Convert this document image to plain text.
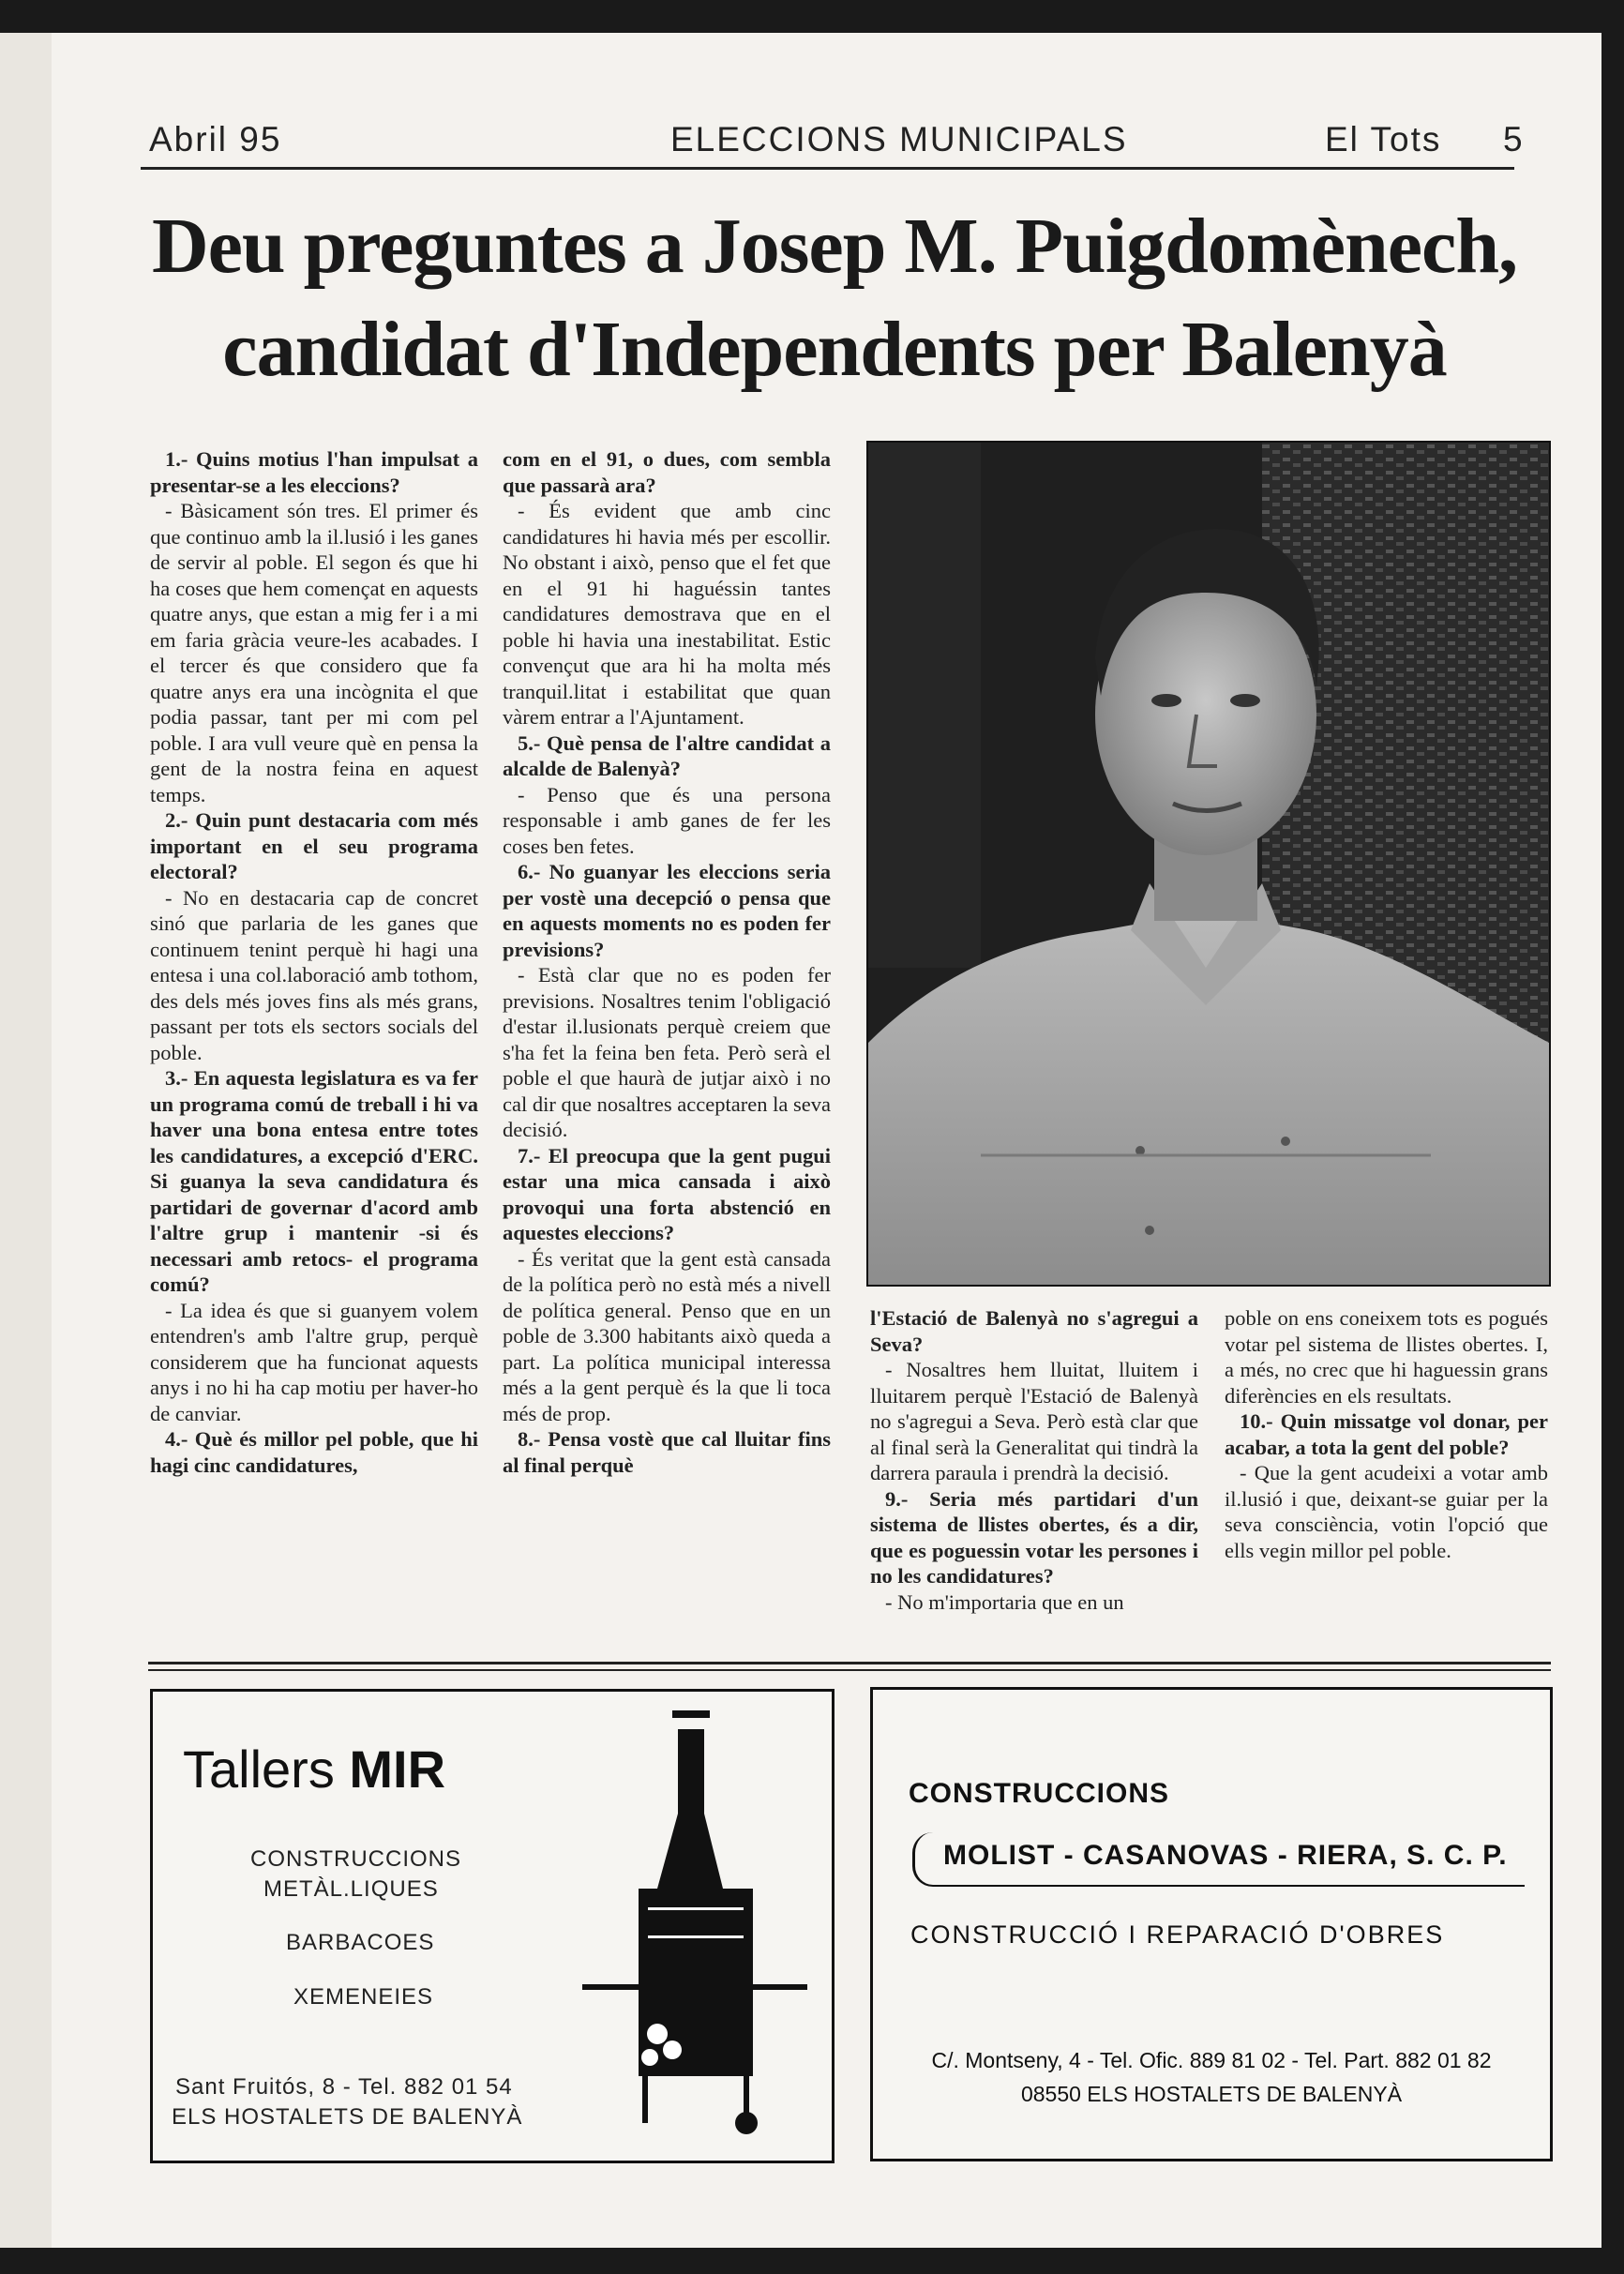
Abril 95	ELECCIONS MUNICIPALS	El Tots 5
Deu preguntes a Josep M. Puigdomènech,
candidat d'Independents per Balenyà

1.- Quins motius l'han impulsat a presentar-se a les eleccions?

- Bàsicament són tres. El primer és que continuo amb la il.lusió i les ganes de servir al poble. El segon és que hi ha coses que hem començat en aquests quatre anys, que estan a mig fer i a mi em faria gràcia veure-les acabades. I el tercer és que considero que fa quatre anys era una incògnita el que podia passar, tant per mi com pel poble. I ara vull veure què en pensa la gent de la nostra feina en aquest temps.

2.- Quin punt destacaria com més important en el seu programa electoral?

- No en destacaria cap de concret sinó que parlaria de les ganes que continuem tenint perquè hi hagi una entesa i una col.laboració amb tothom, des dels més joves fins als més grans, passant per tots els sectors socials del poble.

3.- En aquesta legislatura es va fer un programa comú de treball i hi va haver una bona entesa entre totes les candidatures, a excepció d'ERC. Si guanya la seva candidatura és partidari de governar d'acord amb l'altre grup i mantenir -si és necessari amb retocs- el programa comú?

- La idea és que si guanyem volem entendren's amb l'altre grup, perquè considerem que ha funcionat aquests anys i no hi ha cap motiu per haver-ho de canviar.

4.- Què és millor pel poble, que hi hagi cinc candidatures,

com en el 91, o dues, com sembla que passarà ara?

- És evident que amb cinc candidatures hi havia més per escollir. No obstant i això, penso que el fet que en el 91 hi haguéssin tantes candidatures demostrava que en el poble hi havia una inestabilitat. Estic convençut que ara hi ha molta més tranquil.litat i estabilitat que quan vàrem entrar a l'Ajuntament.

5.- Què pensa de l'altre candidat a alcalde de Balenyà?

- Penso que és una persona responsable i amb ganes de fer les coses ben fetes.

6.- No guanyar les eleccions seria per vostè una decepció o pensa que en aquests moments no es poden fer previsions?

- Està clar que no es poden fer previsions. Nosaltres tenim l'obligació d'estar il.lusionats perquè creiem que s'ha fet la feina ben feta. Però serà el poble el que haurà de jutjar això i no cal dir que nosaltres acceptaren la seva decisió.

7.- El preocupa que la gent pugui estar una mica cansada i això provoqui una forta abstenció en aquestes eleccions?

- És veritat que la gent està cansada de la política però no està més a nivell de política general. Penso que en un poble de 3.300 habitants això queda a part. La política municipal interessa més a la gent perquè és la que li toca més de prop.

8.- Pensa vostè que cal lluitar fins al final perquè

l'Estació de Balenyà no s'agregui a Seva?

- Nosaltres hem lluitat, lluitem i lluitarem perquè l'Estació de Balenyà no s'agregui a Seva. Però està clar que al final serà la Generalitat qui tindrà la darrera paraula i prendrà la decisió.

9.- Seria més partidari d'un sistema de llistes obertes, és a dir, que es poguessin votar les persones i no les candidatures?

- No m'importaria que en un

poble on ens coneixem tots es pogués votar pel sistema de llistes obertes. I, a més, no crec que hi haguessin grans diferències en els resultats.

10.- Quin missatge vol donar, per acabar, a tota la gent del poble?

- Que la gent acudeixi a votar amb il.lusió i que, deixant-se guiar per la seva consciència, votin l'opció que ells vegin millor pel poble.

Tallers MIR
CONSTRUCCIONS
METÀL.LIQUES
BARBACOES
XEMENEIES
Sant Fruitós, 8 - Tel. 882 01 54
ELS HOSTALETS DE BALENYÀ
CONSTRUCCIONS
MOLIST - CASANOVAS - RIERA, S. C. P.
CONSTRUCCIÓ I REPARACIÓ D'OBRES
C/. Montseny, 4 - Tel. Ofic. 889 81 02 - Tel. Part. 882 01 82
08550 ELS HOSTALETS DE BALENYÀ
